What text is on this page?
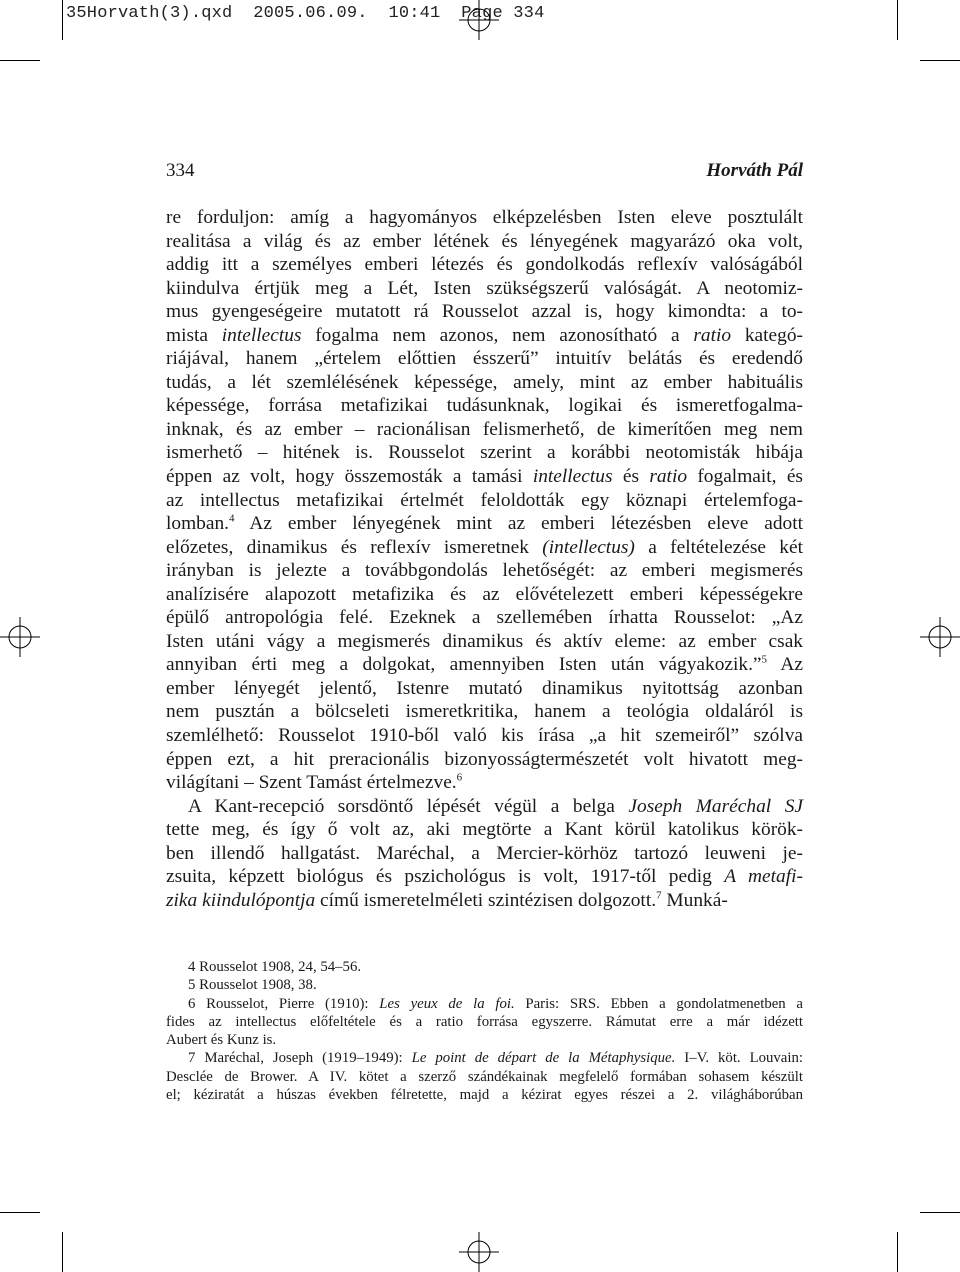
35Horvath(3).qxd  2005.06.09.  10:41  Page 334
334	Horváth Pál
re forduljon: amíg a hagyományos elképzelésben Isten eleve posztulált
realitása a világ és az ember létének és lényegének magyarázó oka volt,
addig itt a személyes emberi létezés és gondolkodás reflexív valóságából
kiindulva értjük meg a Lét, Isten szükségszerű valóságát. A neotomiz-
mus gyengeségeire mutatott rá Rousselot azzal is, hogy kimondta: a to-
mista intellectus fogalma nem azonos, nem azonosítható a ratio kategó-
riájával, hanem „értelem előttien ésszerű” intuitív belátás és eredendő
tudás, a lét szemlélésének képessége, amely, mint az ember habituális
képessége, forrása metafizikai tudásunknak, logikai és ismeretfogalma-
inknak, és az ember – racionálisan felismerhető, de kimerítően meg nem
ismerhető – hitének is. Rousselot szerint a korábbi neotomisták hibája
éppen az volt, hogy összemosták a tamási intellectus és ratio fogalmait, és
az intellectus metafizikai értelmét feloldották egy köznapi értelemfoga-
lomban.$^4$ Az ember lényegének mint az emberi létezésben eleve adott
előzetes, dinamikus és reflexív ismeretnek (intellectus) a feltételezése két
irányban is jelezte a továbbgondolás lehetőségét: az emberi megismerés
analízisére alapozott metafizika és az elővételezett emberi képességekre
épülő antropológia felé. Ezeknek a szellemében írhatta Rousselot: „Az
Isten utáni vágy a megismerés dinamikus és aktív eleme: az ember csak
annyiban érti meg a dolgokat, amennyiben Isten után vágyakozik.”$^5$ Az
ember lényegét jelentő, Istenre mutató dinamikus nyitottság azonban
nem pusztán a bölcseleti ismeretkritika, hanem a teológia oldaláról is
szemlélhető: Rousselot 1910-ből való kis írása „a hit szemeiről” szólva
éppen ezt, a hit preracionális bizonyosságtermészetét volt hivatott meg-
világítani – Szent Tamást értelmezve.$^6$
A Kant-recepció sorsdöntő lépését végül a belga Joseph Maréchal SJ
tette meg, és így ő volt az, aki megtörte a Kant körül katolikus körök-
ben illendő hallgatást. Maréchal, a Mercier-körhöz tartozó leuweni je-
zsuita, képzett biológus és pszichológus is volt, 1917-től pedig A metafi-
zika kiindulópontja című ismeretelméleti szintézisen dolgozott.$^7$ Munká-
4 Rousselot 1908, 24, 54–56.
5 Rousselot 1908, 38.
6 Rousselot, Pierre (1910): Les yeux de la foi. Paris: SRS. Ebben a gondolatmenetben a
fides az intellectus előfeltétele és a ratio forrása egyszerre. Rámutat erre a már idézett
Aubert és Kunz is.
7 Maréchal, Joseph (1919–1949): Le point de départ de la Métaphysique. I–V. köt. Louvain:
Desclée de Brower. A IV. kötet a szerző szándékainak megfelelő formában sohasem készült
el; kéziratát a húszas években félretette, majd a kézirat egyes részei a 2. világháborúban
